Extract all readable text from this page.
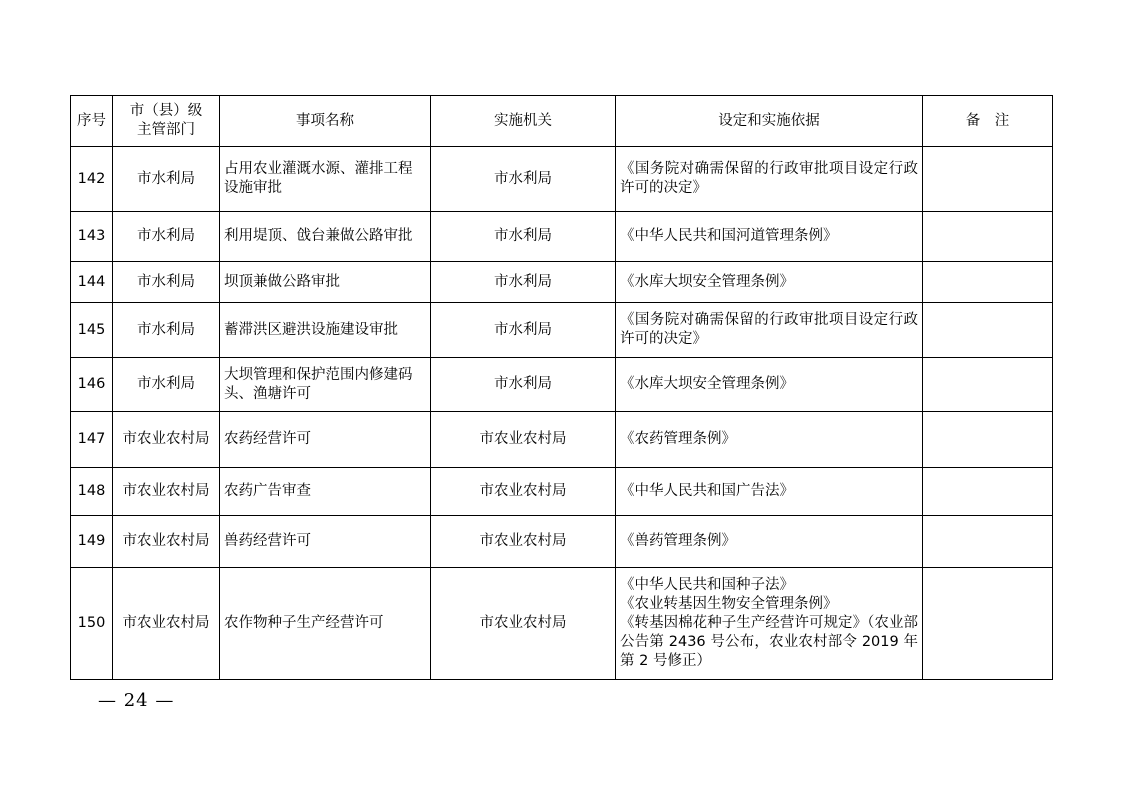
序号	市（县）级主管部门	事项名称	实施机关	设定和实施依据	备　注
142	市水利局	占用农业灌溉水源、灌排工程设施审批	市水利局	《国务院对确需保留的行政审批项目设定行政许可的决定》	

143	市水利局	利用堤顶、戗台兼做公路审批	市水利局	《中华人民共和国河道管理条例》	

144	市水利局	坝顶兼做公路审批	市水利局	《水库大坝安全管理条例》	

145	市水利局	蓄滞洪区避洪设施建设审批	市水利局	《国务院对确需保留的行政审批项目设定行政许可的决定》	

146	市水利局	大坝管理和保护范围内修建码头、渔塘许可	市水利局	《水库大坝安全管理条例》	

147	市农业农村局	农药经营许可	市农业农村局	《农药管理条例》	

148	市农业农村局	农药广告审查	市农业农村局	《中华人民共和国广告法》	

149	市农业农村局	兽药经营许可	市农业农村局	《兽药管理条例》	

150	市农业农村局	农作物种子生产经营许可	市农业农村局	《中华人民共和国种子法》
《农业转基因生物安全管理条例》
《转基因棉花种子生产经营许可规定》（农业部公告第 2436 号公布，农业农村部令 2019 年第 2 号修正）	

— 24 —
